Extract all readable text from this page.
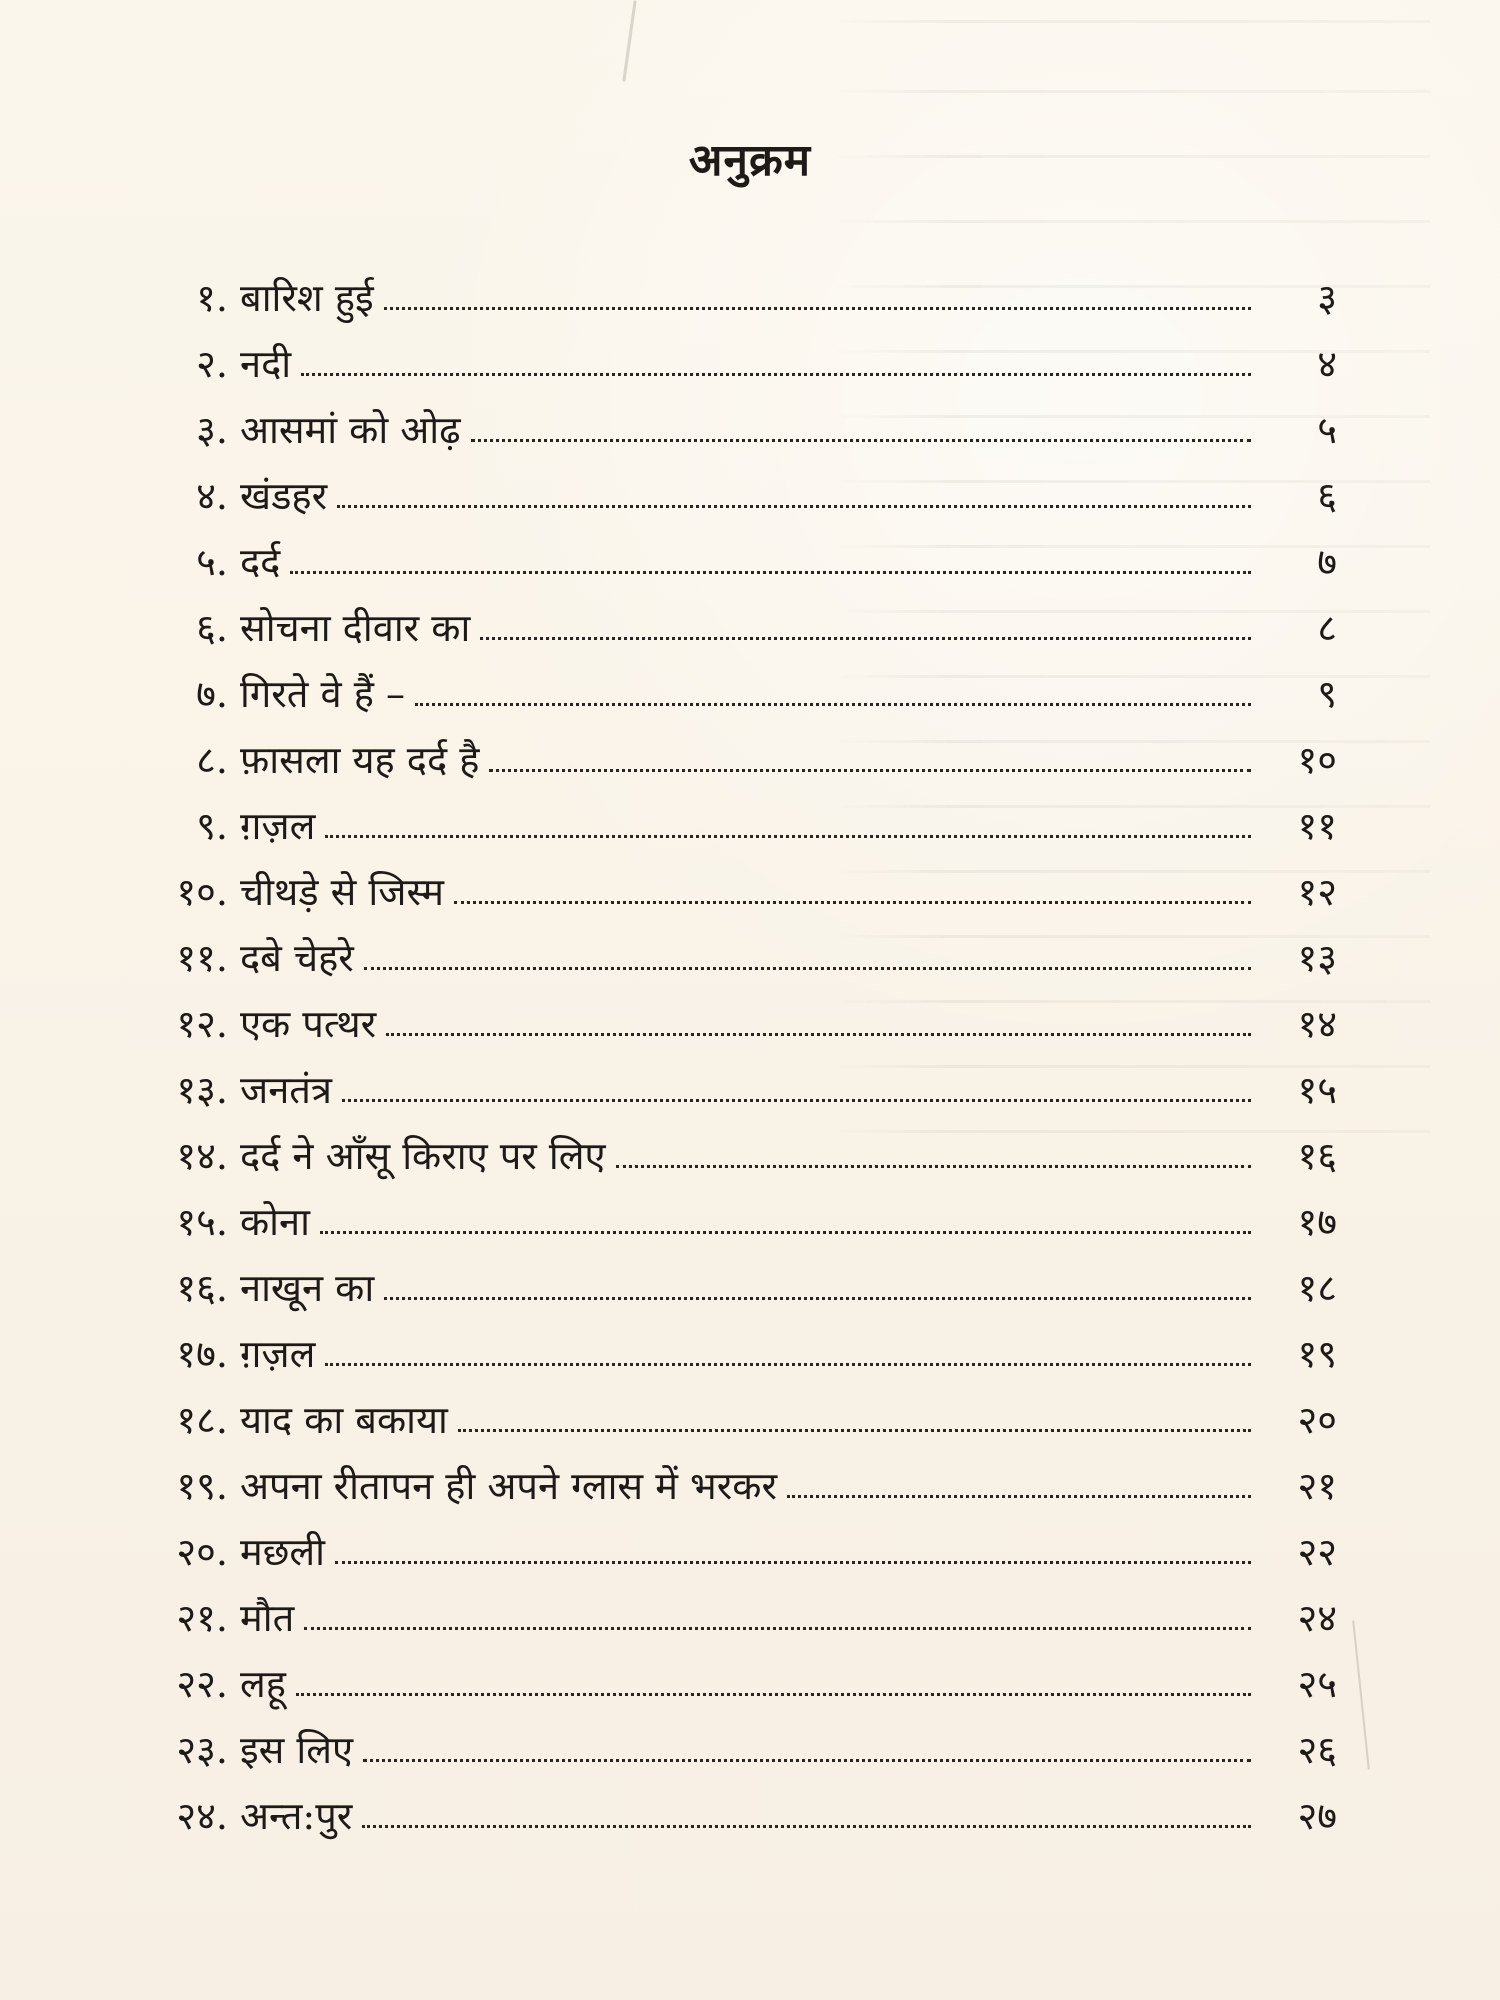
अनुक्रम
१. बारिश हुई	३
२. नदी	४
३. आसमां को ओढ़	५
४. खंडहर	६
५. दर्द	७
६. सोचना दीवार का	८
७. गिरते वे हैं –	९
८. फ़ासला यह दर्द है	१०
९. ग़ज़ल	११
१०. चीथड़े से जिस्म	१२
११. दबे चेहरे	१३
१२. एक पत्थर	१४
१३. जनतंत्र	१५
१४. दर्द ने आँसू किराए पर लिए	१६
१५. कोना	१७
१६. नाखून का	१८
१७. ग़ज़ल	१९
१८. याद का बकाया	२०
१९. अपना रीतापन ही अपने ग्लास में भरकर	२१
२०. मछली	२२
२१. मौत	२४
२२. लहू	२५
२३. इस लिए	२६
२४. अन्त:पुर	२७
